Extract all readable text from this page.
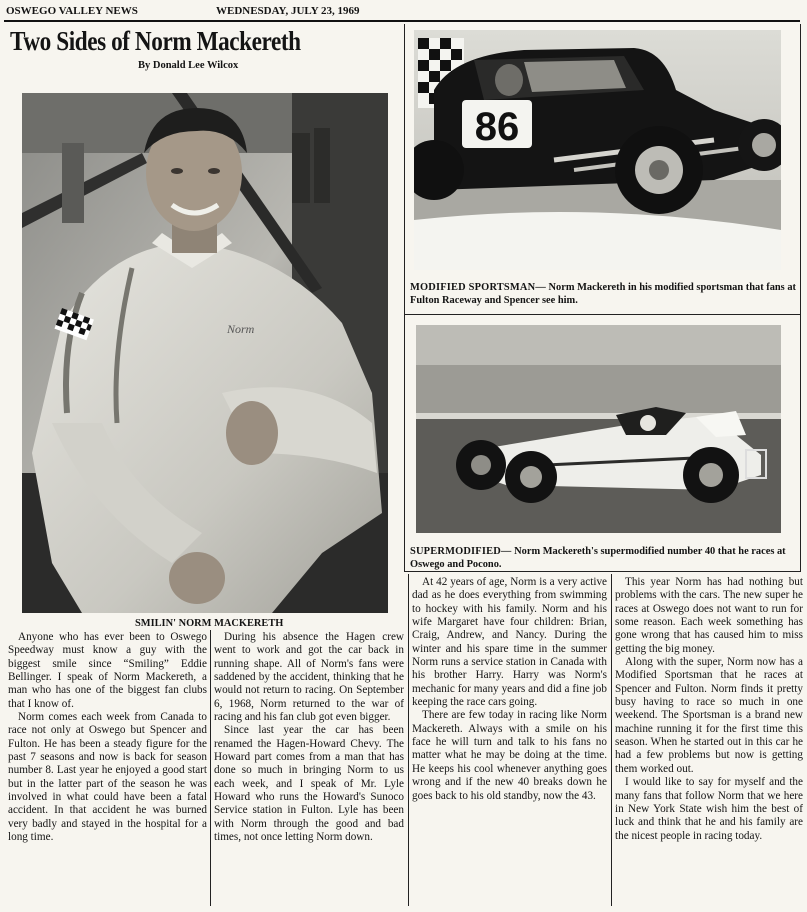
OSWEGO VALLEY NEWS	WEDNESDAY, JULY 23, 1969
Two Sides of Norm Mackereth
By Donald Lee Wilcox
Norm
SMILIN' NORM MACKERETH
86
MODIFIED SPORTSMAN— Norm Mackereth in his modified sportsman that fans at Fulton Raceway and Spencer see him.
SUPERMODIFIED— Norm Mackereth's supermodified number 40 that he races at Oswego and Pocono.

Anyone who has ever been to Oswego Speedway must know a guy with the biggest smile since “Smiling” Eddie Bellinger. I speak of Norm Mackereth, a man who has one of the biggest fan clubs that I know of.

Norm comes each week from Canada to race not only at Oswego but Spencer and Fulton. He has been a steady figure for the past 7 seasons and now is back for season number 8. Last year he enjoyed a good start but in the latter part of the season he was involved in what could have been a fatal accident. In that accident he was burned very badly and stayed in the hospital for a long time.

During his absence the Hagen crew went to work and got the car back in running shape. All of Norm's fans were saddened by the accident, thinking that he would not return to racing. On September 6, 1968, Norm returned to the war of racing and his fan club got even bigger.

Since last year the car has been renamed the Hagen-Howard Chevy. The Howard part comes from a man that has done so much in bringing Norm to us each week, and I speak of Mr. Lyle Howard who runs the Howard's Sunoco Service station in Fulton. Lyle has been with Norm through the good and bad times, not once letting Norm down.

At 42 years of age, Norm is a very active dad as he does everything from swimming to hockey with his family. Norm and his wife Margaret have four children: Brian, Craig, Andrew, and Nancy. During the winter and his spare time in the summer Norm runs a service station in Canada with his brother Harry. Harry was Norm's mechanic for many years and did a fine job keeping the race cars going.

There are few today in racing like Norm Mackereth. Always with a smile on his face he will turn and talk to his fans no matter what he may be doing at the time. He keeps his cool whenever anything goes wrong and if the new 40 breaks down he goes back to his old standby, now the 43.

This year Norm has had nothing but problems with the cars. The new super he races at Oswego does not want to run for some reason. Each week something has gone wrong that has caused him to miss getting the big money.

Along with the super, Norm now has a Modified Sportsman that he races at Spencer and Fulton. Norm finds it pretty busy having to race so much in one weekend. The Sportsman is a brand new machine running it for the first time this season. When he started out in this car he had a few problems but now is getting them worked out.

I would like to say for myself and the many fans that follow Norm that we here in New York State wish him the best of luck and think that he and his family are the nicest people in racing today.
